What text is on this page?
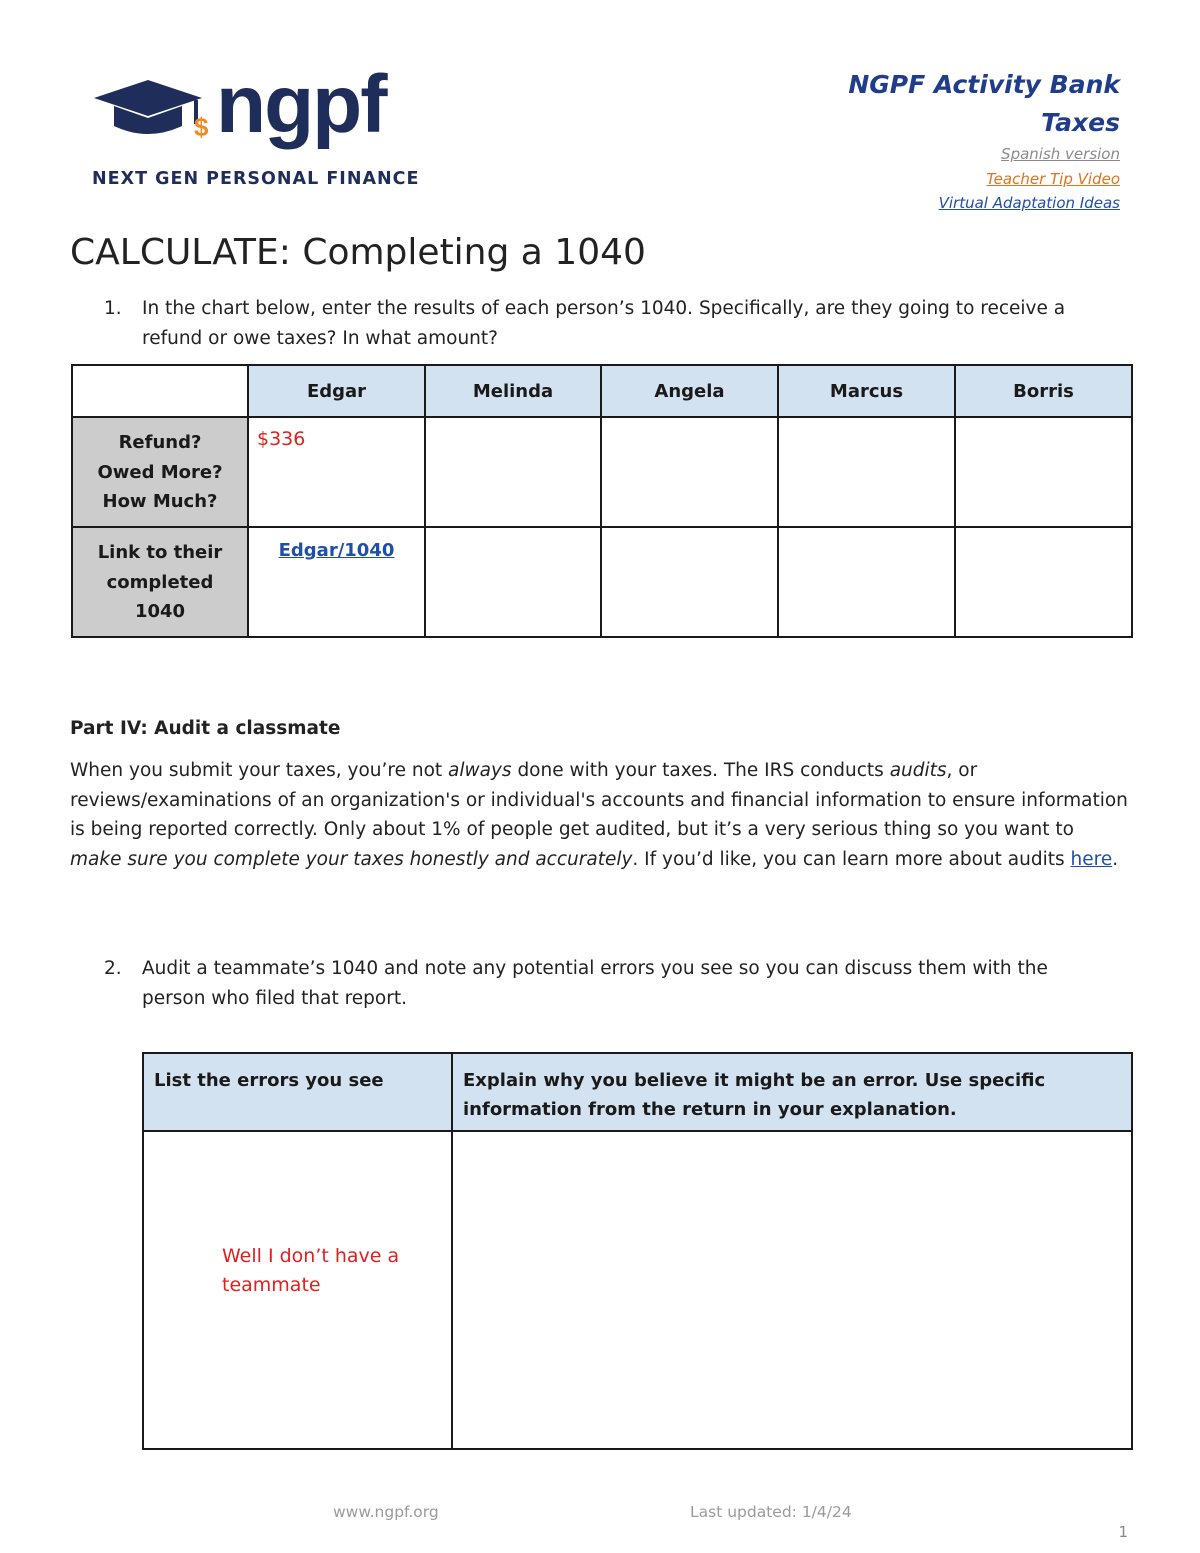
$ ngpf
NEXT GEN PERSONAL FINANCE
NGPF Activity Bank
Taxes
Spanish version
Teacher Tip Video
Virtual Adaptation Ideas
CALCULATE: Completing a 1040
1. In the chart below, enter the results of each person’s 1040. Specifically, are they going to receive a refund or owe taxes? In what amount?
	Edgar	Melinda	Angela	Marcus	Borris

Refund?
Owed More?
How Much?	$336				

Link to their
completed
1040	Edgar/1040				

Part IV: Audit a classmate
When you submit your taxes, you’re not always done with your taxes. The IRS conducts audits, or reviews/examinations of an organization's or individual's accounts and financial information to ensure information is being reported correctly. Only about 1% of people get audited, but it’s a very serious thing so you want to make sure you complete your taxes honestly and accurately. If you’d like, you can learn more about audits here.
2. Audit a teammate’s 1040 and note any potential errors you see so you can discuss them with the person who filed that report.
List the errors you see	Explain why you believe it might be an error. Use specific information from the return in your explanation.

Well I don’t have a teammate	

www.ngpf.org	Last updated: 1/4/24
1
